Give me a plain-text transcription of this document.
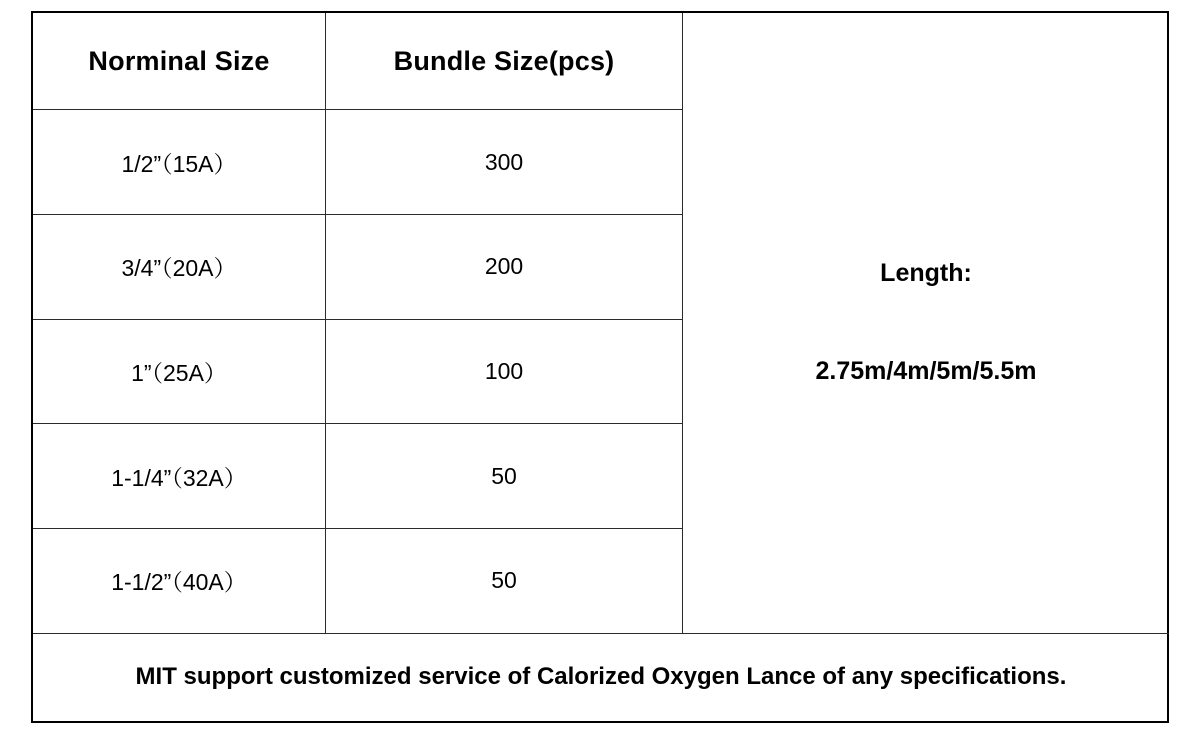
Norminal Size	Bundle Size(pcs)	Length:
2.75m/4m/5m/5.5m

1/2”（15A）	300	
3/4”（20A）	200	
1”（25A）	100	
1-1/4”（32A）	50	
1-1/2”（40A）	50	
MIT support customized service of Calorized Oxygen Lance of any specifications.		
